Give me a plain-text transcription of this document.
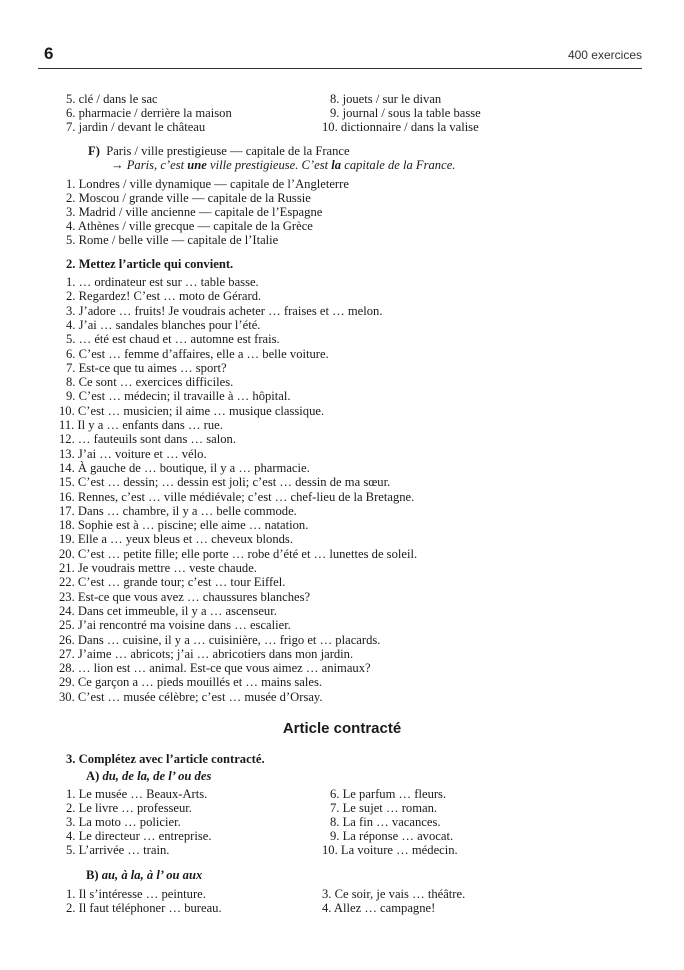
6	400 exercices
5. clé / dans le sac
6. pharmacie / derrière la maison
7. jardin / devant le château
8. jouets / sur le divan
9. journal / sous la table basse
10. dictionnaire / dans la valise
F) Paris / ville prestigieuse — capitale de la France
→ Paris, c’est une ville prestigieuse. C’est la capitale de la France.
1. Londres / ville dynamique — capitale de l’Angleterre
2. Moscou / grande ville — capitale de la Russie
3. Madrid / ville ancienne — capitale de l’Espagne
4. Athènes / ville grecque — capitale de la Grèce
5. Rome / belle ville — capitale de l’Italie
2. Mettez l’article qui convient.
1. … ordinateur est sur … table basse.
2. Regardez! C’est … moto de Gérard.
3. J’adore … fruits! Je voudrais acheter … fraises et … melon.
4. J’ai … sandales blanches pour l’été.
5. … été est chaud et … automne est frais.
6. C’est … femme d’affaires, elle a … belle voiture.
7. Est-ce que tu aimes … sport?
8. Ce sont … exercices difficiles.
9. C’est … médecin; il travaille à … hôpital.
10. C’est … musicien; il aime … musique classique.
11. Il y a … enfants dans … rue.
12. … fauteuils sont dans … salon.
13. J’ai … voiture et … vélo.
14. À gauche de … boutique, il y a … pharmacie.
15. C’est … dessin; … dessin est joli; c’est … dessin de ma sœur.
16. Rennes, c’est … ville médiévale; c’est … chef-lieu de la Bretagne.
17. Dans … chambre, il y a … belle commode.
18. Sophie est à … piscine; elle aime … natation.
19. Elle a … yeux bleus et … cheveux blonds.
20. C’est … petite fille; elle porte … robe d’été et … lunettes de soleil.
21. Je voudrais mettre … veste chaude.
22. C’est … grande tour; c’est … tour Eiffel.
23. Est-ce que vous avez … chaussures blanches?
24. Dans cet immeuble, il y a … ascenseur.
25. J’ai rencontré ma voisine dans … escalier.
26. Dans … cuisine, il y a … cuisinière, … frigo et … placards.
27. J’aime … abricots; j’ai … abricotiers dans mon jardin.
28. … lion est … animal. Est-ce que vous aimez … animaux?
29. Ce garçon a … pieds mouillés et … mains sales.
30. C’est … musée célèbre; c’est … musée d’Orsay.
Article contracté
3. Complétez avec l’article contracté.
A) du, de la, de l’ ou des
1. Le musée … Beaux-Arts.
2. Le livre … professeur.
3. La moto … policier.
4. Le directeur … entreprise.
5. L’arrivée … train.
6. Le parfum … fleurs.
7. Le sujet … roman.
8. La fin … vacances.
9. La réponse … avocat.
10. La voiture … médecin.
B) au, à la, à l’ ou aux
1. Il s’intéresse … peinture.
2. Il faut téléphoner … bureau.
3. Ce soir, je vais … théâtre.
4. Allez … campagne!
